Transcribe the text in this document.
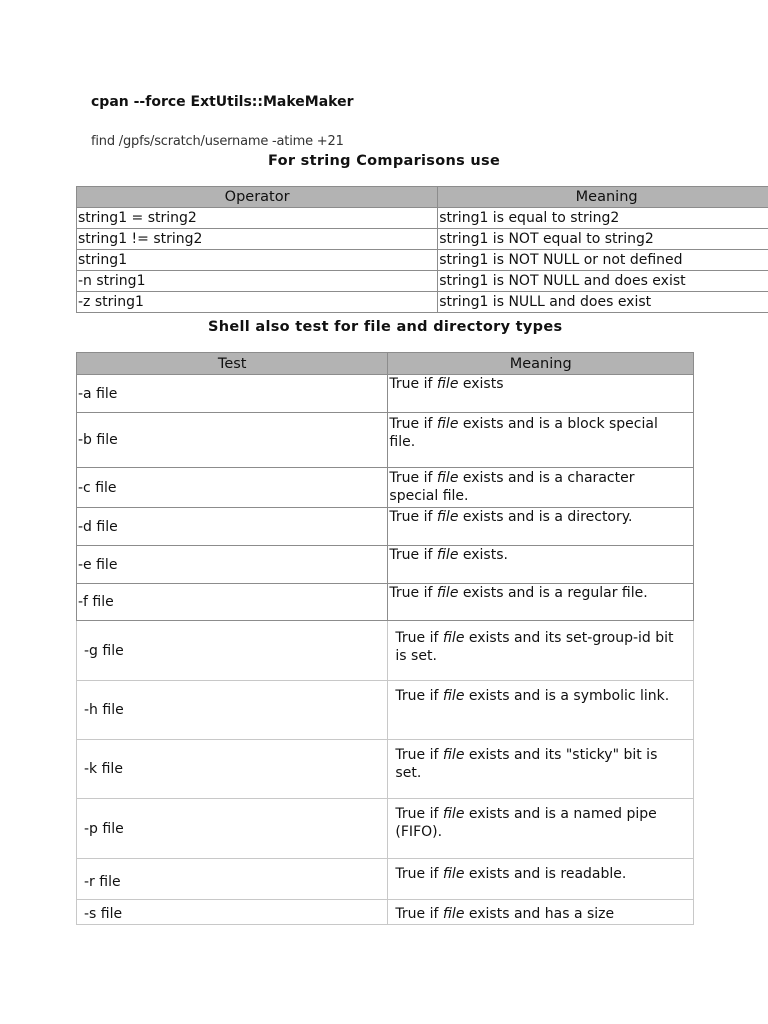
cpan --force ExtUtils::MakeMaker
find /gpfs/scratch/username -atime +21
For string Comparisons use
Operator	Meaning
string1 = string2	string1 is equal to string2
string1 != string2	string1 is NOT equal to string2
string1	string1 is NOT NULL or not defined
-n string1	string1 is NOT NULL and does exist
-z string1	string1 is NULL and does exist
Shell also test for file and directory types
Test	Meaning
-a file	True if file exists
-b file	True if file exists and is a block special file.
-c file	True if file exists and is a character special file.
-d file	True if file exists and is a directory.
-e file	True if file exists.
-f file	True if file exists and is a regular file.
-g file	True if file exists and its set-group-id bit is set.
-h file	True if file exists and is a symbolic link.
-k file	True if file exists and its "sticky" bit is set.
-p file	True if file exists and is a named pipe (FIFO).
-r file	True if file exists and is readable.
-s file	True if file exists and has a size
